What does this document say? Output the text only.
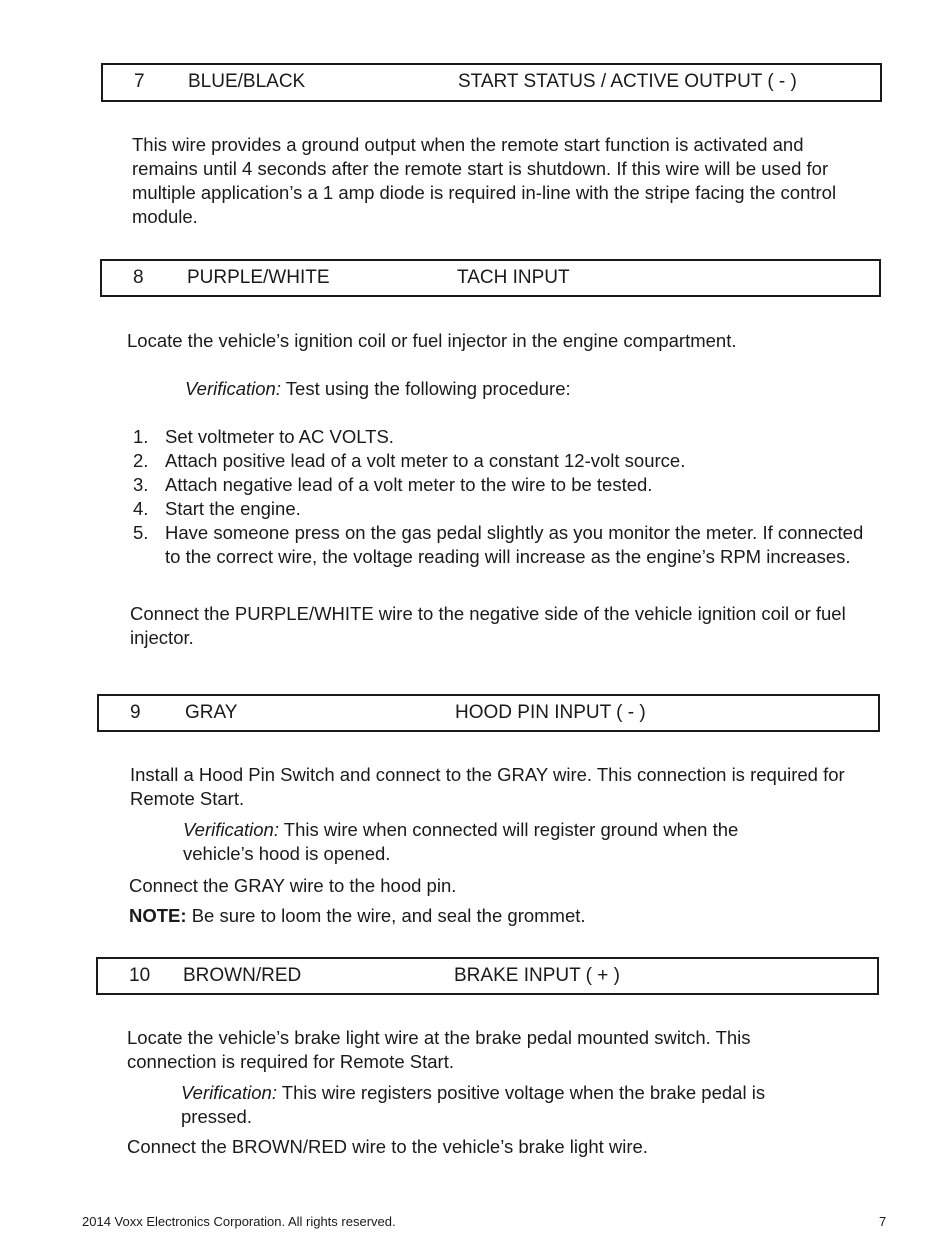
7 BLUE/BLACK	START STATUS / ACTIVE OUTPUT ( - )

This wire provides a ground output when the remote start function is activated and remains until 4 seconds after the remote start is shutdown. If this wire will be used for multiple application’s a 1 amp diode is required in-line with the stripe facing the control module.

8 PURPLE/WHITE	TACH INPUT

Locate the vehicle’s ignition coil or fuel injector in the engine compartment.

Verification: Test using the following procedure:

1. Set voltmeter to AC VOLTS.
2. Attach positive lead of a volt meter to a constant 12-volt source.
3. Attach negative lead of a volt meter to the wire to be tested.
4. Start the engine.
5. Have someone press on the gas pedal slightly as you monitor the meter. If connected to the correct wire, the voltage reading will increase as the engine’s RPM increases.

Connect the PURPLE/WHITE wire to the negative side of the vehicle ignition coil or fuel injector.

9 GRAY	HOOD PIN INPUT ( - )

Install a Hood Pin Switch and connect to the GRAY wire. This connection is required for Remote Start.

Verification: This wire when connected will register ground when the vehicle’s hood is opened.

Connect the GRAY wire to the hood pin.

NOTE: Be sure to loom the wire, and seal the grommet.

10 BROWN/RED	BRAKE INPUT ( + )

Locate the vehicle’s brake light wire at the brake pedal mounted switch. This connection is required for Remote Start.

Verification: This wire registers positive voltage when the brake pedal is pressed.

Connect the BROWN/RED wire to the vehicle’s brake light wire.

2014 Voxx Electronics Corporation. All rights reserved.	7
